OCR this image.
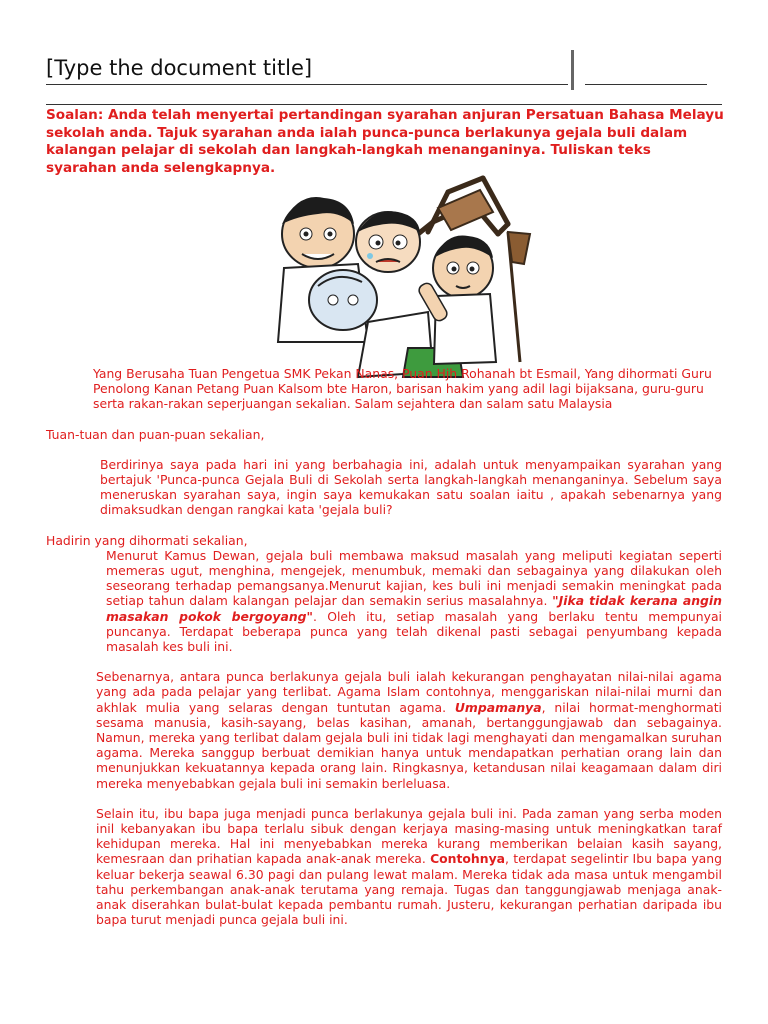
[Type the document title]
Soalan: Anda telah menyertai pertandingan syarahan anjuran Persatuan Bahasa Melayu sekolah anda. Tajuk syarahan anda ialah punca-punca berlakunya gejala buli dalam kalangan pelajar di sekolah dan langkah-langkah menanganinya. Tuliskan teks syarahan anda selengkapnya.

Yang Berusaha Tuan Pengetua SMK Pekan Nanas, Puan Hjh Rohanah bt Esmail, Yang dihormati Guru Penolong Kanan Petang Puan Kalsom bte Haron, barisan hakim yang adil lagi bijaksana, guru-guru serta rakan-rakan seperjuangan sekalian. Salam sejahtera dan salam satu Malaysia

Tuan-tuan dan puan-puan sekalian,

Berdirinya saya pada hari ini yang berbahagia ini, adalah untuk menyampaikan syarahan yang bertajuk 'Punca-punca Gejala Buli di Sekolah serta langkah-langkah menanganinya. Sebelum saya meneruskan syarahan saya, ingin saya kemukakan satu soalan iaitu , apakah sebenarnya yang dimaksudkan dengan rangkai kata 'gejala buli?

Hadirin yang dihormati sekalian,

Menurut Kamus Dewan, gejala buli membawa maksud masalah yang meliputi kegiatan seperti memeras ugut, menghina, mengejek, menumbuk, memaki dan sebagainya yang dilakukan oleh seseorang terhadap pemangsanya.Menurut kajian, kes buli ini menjadi semakin meningkat pada setiap tahun dalam kalangan pelajar dan semakin serius masalahnya. "Jika tidak kerana angin masakan pokok bergoyang". Oleh itu, setiap masalah yang berlaku tentu mempunyai puncanya. Terdapat beberapa punca yang telah dikenal pasti sebagai penyumbang kepada masalah kes buli ini.

Sebenarnya, antara punca berlakunya gejala buli ialah kekurangan penghayatan nilai-nilai agama yang ada pada pelajar yang terlibat. Agama Islam contohnya, menggariskan nilai-nilai murni dan akhlak mulia yang selaras dengan tuntutan agama. Umpamanya, nilai hormat-menghormati sesama manusia, kasih-sayang, belas kasihan, amanah, bertanggungjawab dan sebagainya. Namun, mereka yang terlibat dalam gejala buli ini tidak lagi menghayati dan mengamalkan suruhan agama. Mereka sanggup berbuat demikian hanya untuk mendapatkan perhatian orang lain dan menunjukkan kekuatannya kepada orang lain. Ringkasnya, ketandusan nilai keagamaan dalam diri mereka menyebabkan gejala buli ini semakin berleluasa.

Selain itu, ibu bapa juga menjadi punca berlakunya gejala buli ini. Pada zaman yang serba moden inil kebanyakan ibu bapa terlalu sibuk dengan kerjaya masing-masing untuk meningkatkan taraf kehidupan mereka. Hal ini menyebabkan mereka kurang memberikan belaian kasih sayang, kemesraan dan prihatian kapada anak-anak mereka. Contohnya, terdapat segelintir Ibu bapa yang keluar bekerja seawal 6.30 pagi dan pulang lewat malam. Mereka tidak ada masa untuk mengambil tahu perkembangan anak-anak terutama yang remaja. Tugas dan tanggungjawab menjaga anak-anak diserahkan bulat-bulat kepada pembantu rumah. Justeru, kekurangan perhatian daripada ibu bapa turut menjadi punca gejala buli ini.
